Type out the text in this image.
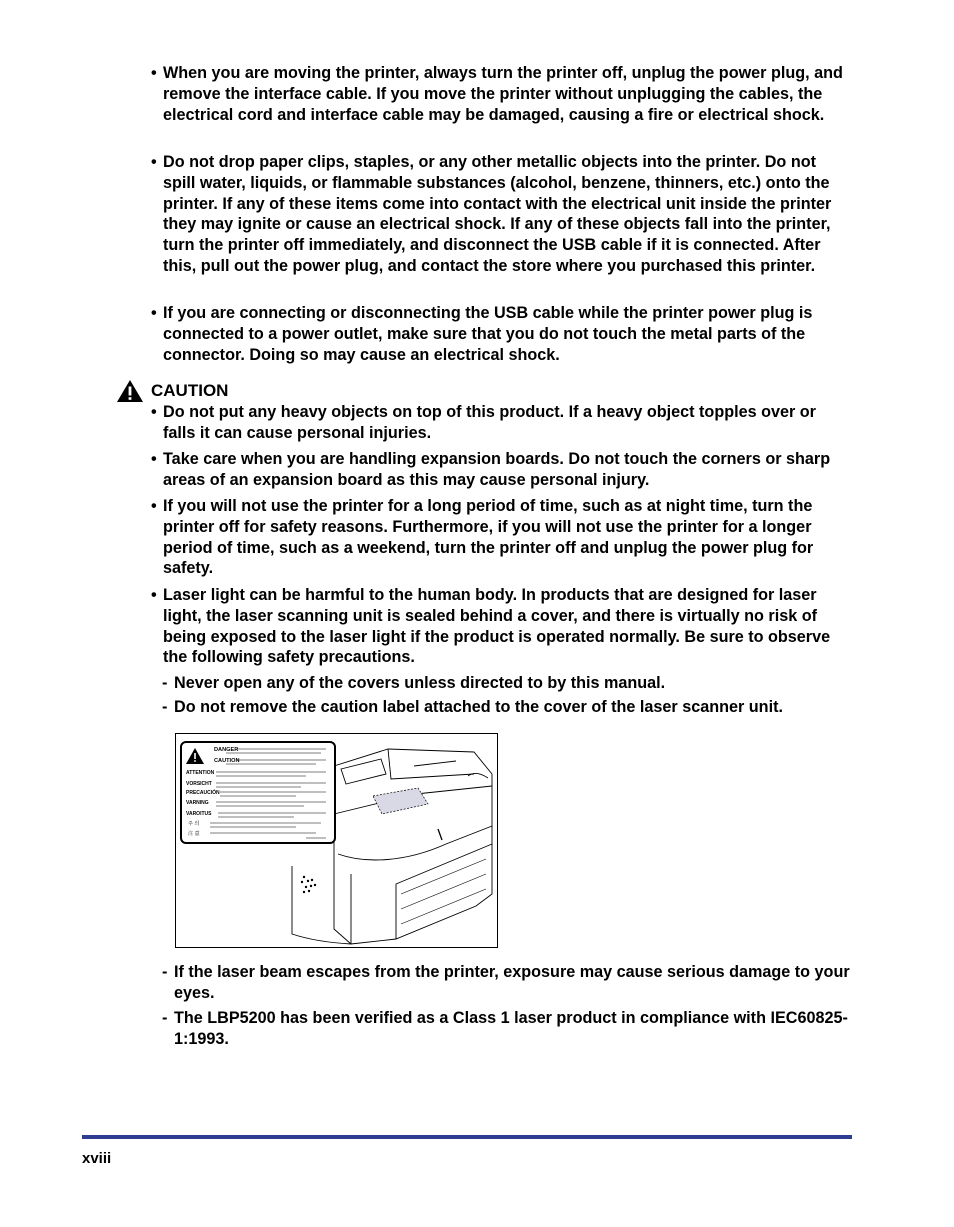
• When you are moving the printer, always turn the printer off, unplug the power plug, and remove the interface cable. If you move the printer without unplugging the cables, the electrical cord and interface cable may be damaged, causing a fire or electrical shock.
• Do not drop paper clips, staples, or any other metallic objects into the printer. Do not spill water, liquids, or flammable substances (alcohol, benzene, thinners, etc.) onto the printer. If any of these items come into contact with the electrical unit inside the printer they may ignite or cause an electrical shock. If any of these objects fall into the printer, turn the printer off immediately, and disconnect the USB cable if it is connected. After this, pull out the power plug, and contact the store where you purchased this printer.
• If you are connecting or disconnecting the USB cable while the printer power plug is connected to a power outlet, make sure that you do not touch the metal parts of the connector. Doing so may cause an electrical shock.
CAUTION
• Do not put any heavy objects on top of this product. If a heavy object topples over or falls it can cause personal injuries.
• Take care when you are handling expansion boards. Do not touch the corners or sharp areas of an expansion board as this may cause personal injury.
• If you will not use the printer for a long period of time, such as at night time, turn the printer off for safety reasons. Furthermore, if you will not use the printer for a longer period of time, such as a weekend, turn the printer off and unplug the power plug for safety.
• Laser light can be harmful to the human body. In products that are designed for laser light, the laser scanning unit is sealed behind a cover, and there is virtually no risk of being exposed to the laser light if the product is operated normally. Be sure to observe the following safety precautions.
- Never open any of the covers unless directed to by this manual.
- Do not remove the caution label attached to the cover of the laser scanner unit.
DANGER
CAUTION
ATTENTION
VORSICHT
PRECAUCIÓN
VARNING
VAROITUS
주 의
注 意
- If the laser beam escapes from the printer, exposure may cause serious damage to your eyes.
- The LBP5200 has been verified as a Class 1 laser product in compliance with IEC60825-1:1993.
xviii
